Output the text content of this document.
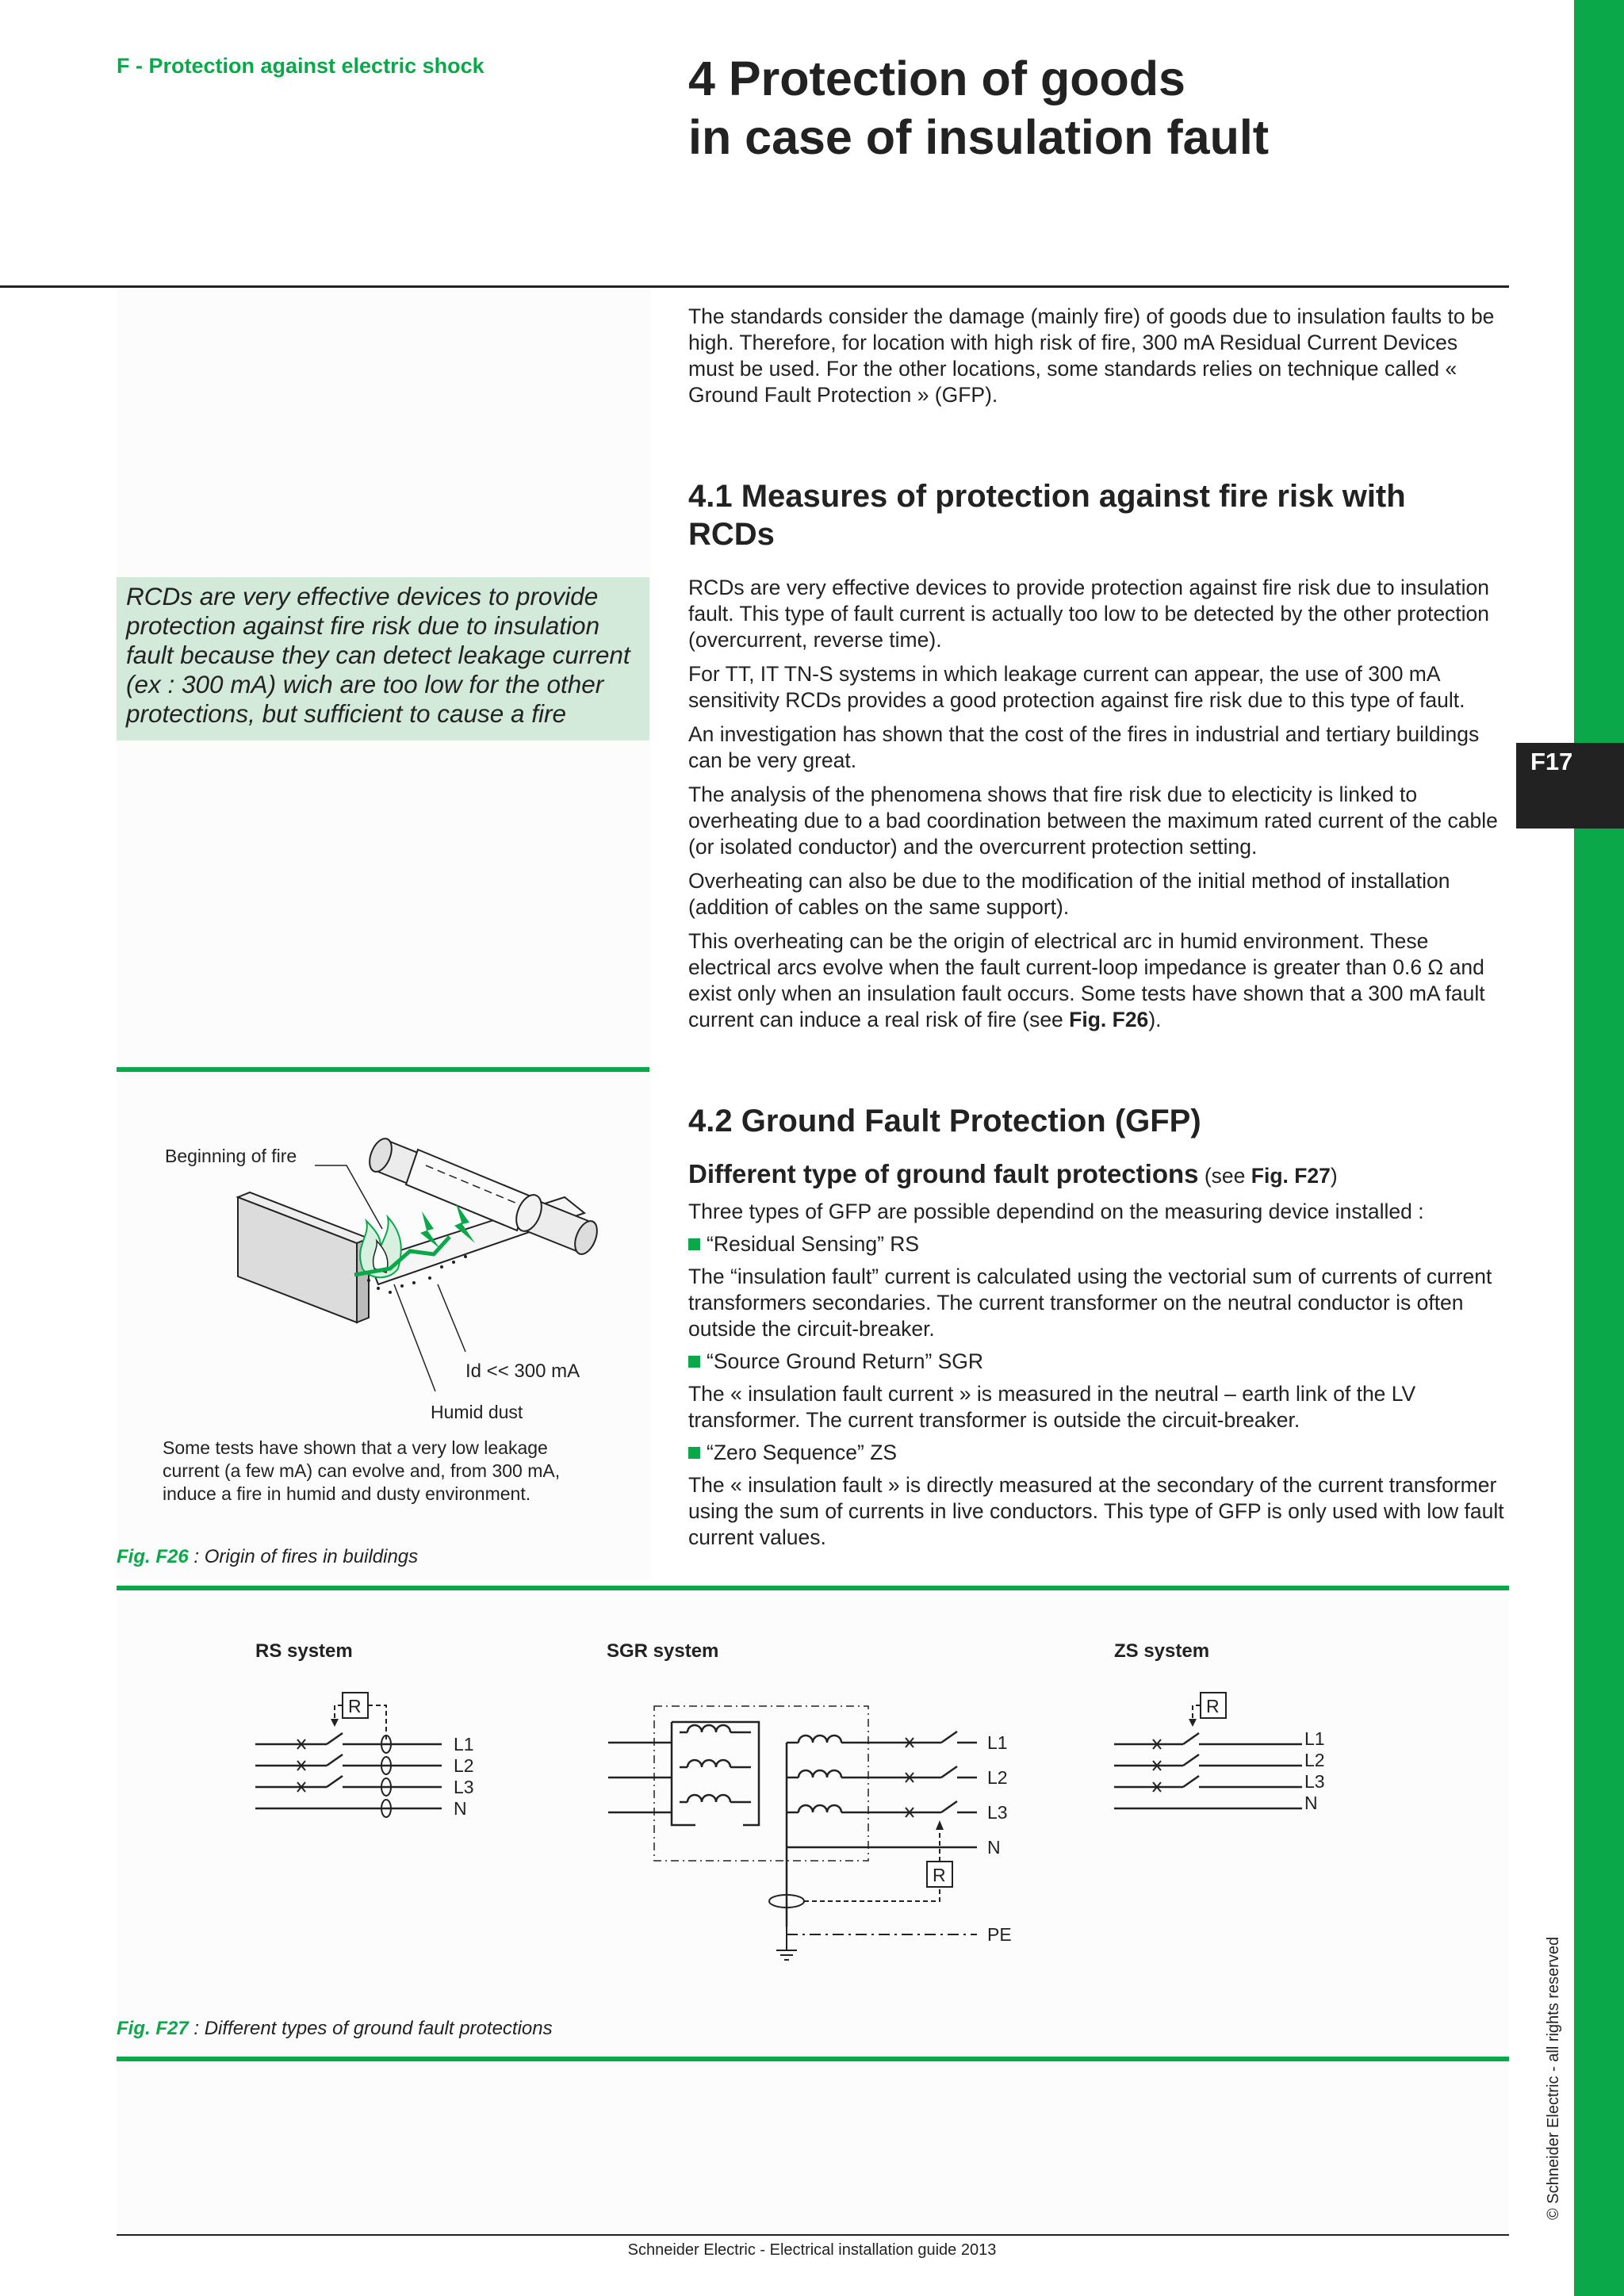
F17
© Schneider Electric - all rights reserved
F - Protection against electric shock	4 Protection of goods
in case of insulation fault

The standards consider the damage (mainly fire) of goods due to insulation faults to be high. Therefore, for location with high risk of fire, 300 mA Residual Current Devices must be used. For the other locations, some standards relies on technique called « Ground Fault Protection » (GFP).

4.1 Measures of protection against fire risk with RCDs
RCDs are very effective devices to provide protection against fire risk due to insulation fault because they can detect leakage current (ex : 300 mA) wich are too low for the other protections, but sufficient to cause a fire

RCDs are very effective devices to provide protection against fire risk due to insulation fault. This type of fault current is actually too low to be detected by the other protection (overcurrent, reverse time).

For TT, IT TN-S systems in which leakage current can appear, the use of 300 mA sensitivity RCDs provides a good protection against fire risk due to this type of fault.

An investigation has shown that the cost of the fires in industrial and tertiary buildings can be very great.

The analysis of the phenomena shows that fire risk due to electicity is linked to overheating due to a bad coordination between the maximum rated current of the cable (or isolated conductor) and the overcurrent protection setting.

Overheating can also be due to the modification of the initial method of installation (addition of cables on the same support).

This overheating can be the origin of electrical arc in humid environment. These electrical arcs evolve when the fault current-loop impedance is greater than 0.6 Ω and exist only when an insulation fault occurs. Some tests have shown that a 300 mA fault current can induce a real risk of fire (see Fig. F26).

4.2 Ground Fault Protection (GFP)
Different type of ground fault protections (see Fig. F27)

Three types of GFP are possible dependind on the measuring device installed :

“Residual Sensing” RS

The “insulation fault” current is calculated using the vectorial sum of currents of current transformers secondaries. The current transformer on the neutral conductor is often outside the circuit-breaker.

“Source Ground Return” SGR

The « insulation fault current » is measured in the neutral – earth link of the LV transformer. The current transformer is outside the circuit-breaker.

“Zero Sequence” ZS

The « insulation fault » is directly measured at the secondary of the current transformer using the sum of currents in live conductors. This type of GFP is only used with low fault current values.

Beginning of fire
Id << 300 mA
Humid dust
Some tests have shown that a very low leakage current (a few mA) can evolve and, from 300 mA, induce a fire in humid and dusty environment.
Fig. F26 : Origin of fires in buildings
RS system
R
L1
L2
L3
N
SGR system
R
L1
L2
L3
N
PE
ZS system
R
L1
L2
L3
N
Fig. F27 : Different types of ground fault protections
Schneider Electric - Electrical installation guide 2013
